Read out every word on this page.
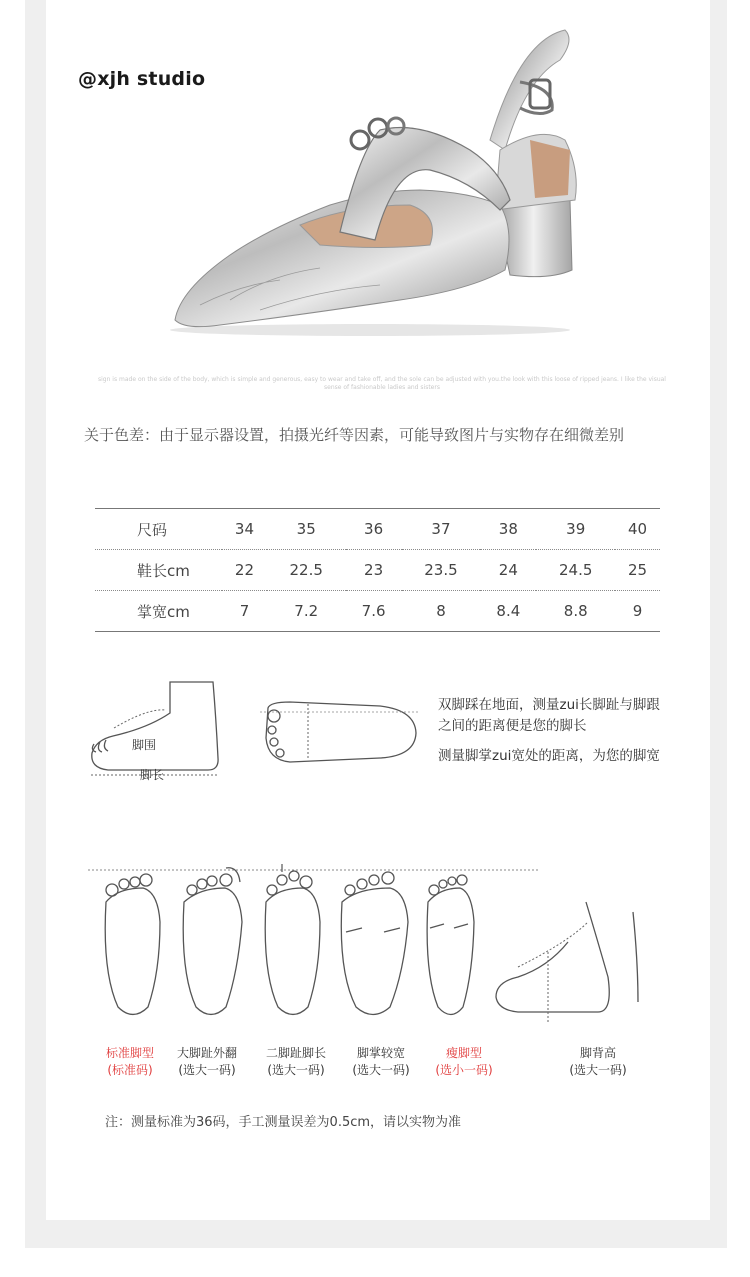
@xjh studio
sign is made on the side of the body, which is simple and generous, easy to wear and take off, and the sole can be adjusted with you.the look with this loose of ripped jeans. I like the visual sense of fashionable ladies and sisters
关于色差：由于显示器设置，拍摄光纤等因素，可能导致图片与实物存在细微差别
尺码	34	35	36	37	38	39	40
鞋长cm	22	22.5	23	23.5	24	24.5	25
掌宽cm	7	7.2	7.6	8	8.4	8.8	9
脚围
脚长
双脚踩在地面，测量zui长脚趾与脚跟
之间的距离便是您的脚长
测量脚掌zui宽处的距离，为您的脚宽
标准脚型
(标准码)
大脚趾外翻
(选大一码)
二脚趾脚长
(选大一码)
脚掌较宽
(选大一码)
瘦脚型
(选小一码)
脚背高
(选大一码)
注：测量标准为36码，手工测量误差为0.5cm，请以实物为准
